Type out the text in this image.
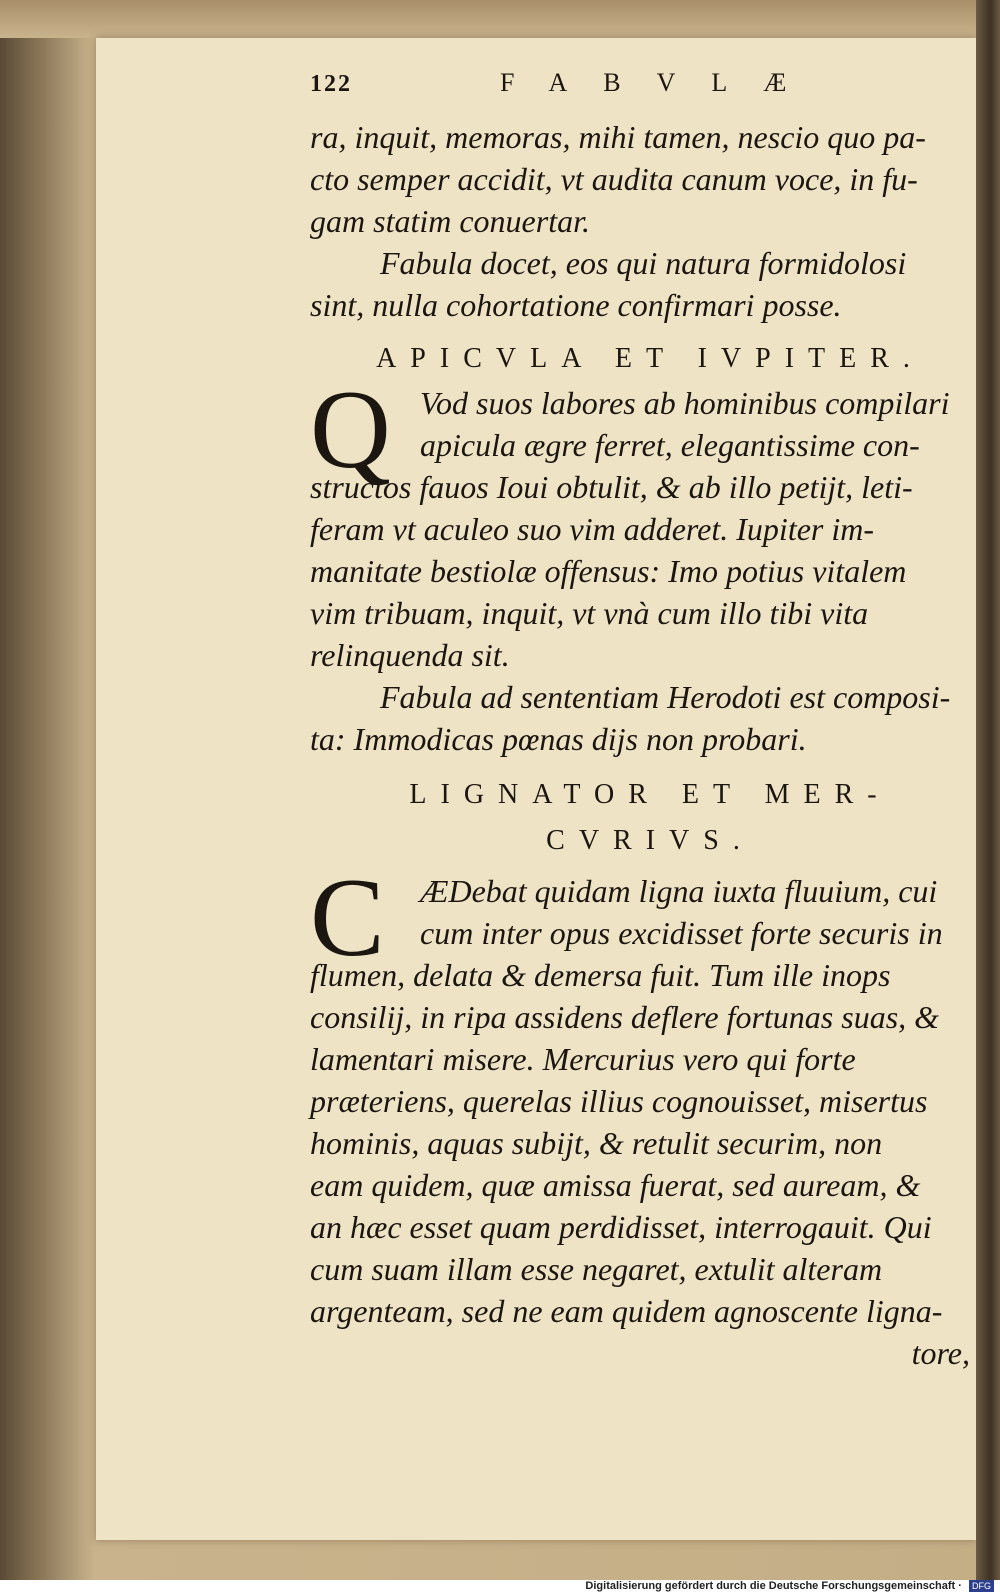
122	FABVLÆ
ra, inquit, memoras, mihi tamen, nescio quo pa-
cto semper accidit, vt audita canum voce, in fu-
gam statim conuertar.
Fabula docet, eos qui natura formidolosi
sint, nulla cohortatione confirmari posse.
APICVLA ET IVPITER.
Q Vod suos labores ab hominibus compilari
apicula ægre ferret, elegantissime con-
structos fauos Ioui obtulit, & ab illo petijt, leti-
feram vt aculeo suo vim adderet. Iupiter im-
manitate bestiolæ offensus: Imo potius vitalem
vim tribuam, inquit, vt vnà cum illo tibi vita
relinquenda sit.
Fabula ad sententiam Herodoti est composi-
ta: Immodicas pœnas dijs non probari.
LIGNATOR ET MER-
CVRIVS.
C	ÆDebat quidam ligna iuxta fluuium, cui
cum inter opus excidisset forte securis in
flumen, delata & demersa fuit. Tum ille inops
consilij, in ripa assidens deflere fortunas suas, &
lamentari misere. Mercurius vero qui forte
præteriens, querelas illius cognouisset, misertus
hominis, aquas subijt, & retulit securim, non
eam quidem, quæ amissa fuerat, sed auream, &
an hæc esset quam perdidisset, interrogauit. Qui
cum suam illam esse negaret, extulit alteram
argenteam, sed ne eam quidem agnoscente ligna-
tore,
Digitalisierung gefördert durch die Deutsche Forschungsgemeinschaft · DFG
